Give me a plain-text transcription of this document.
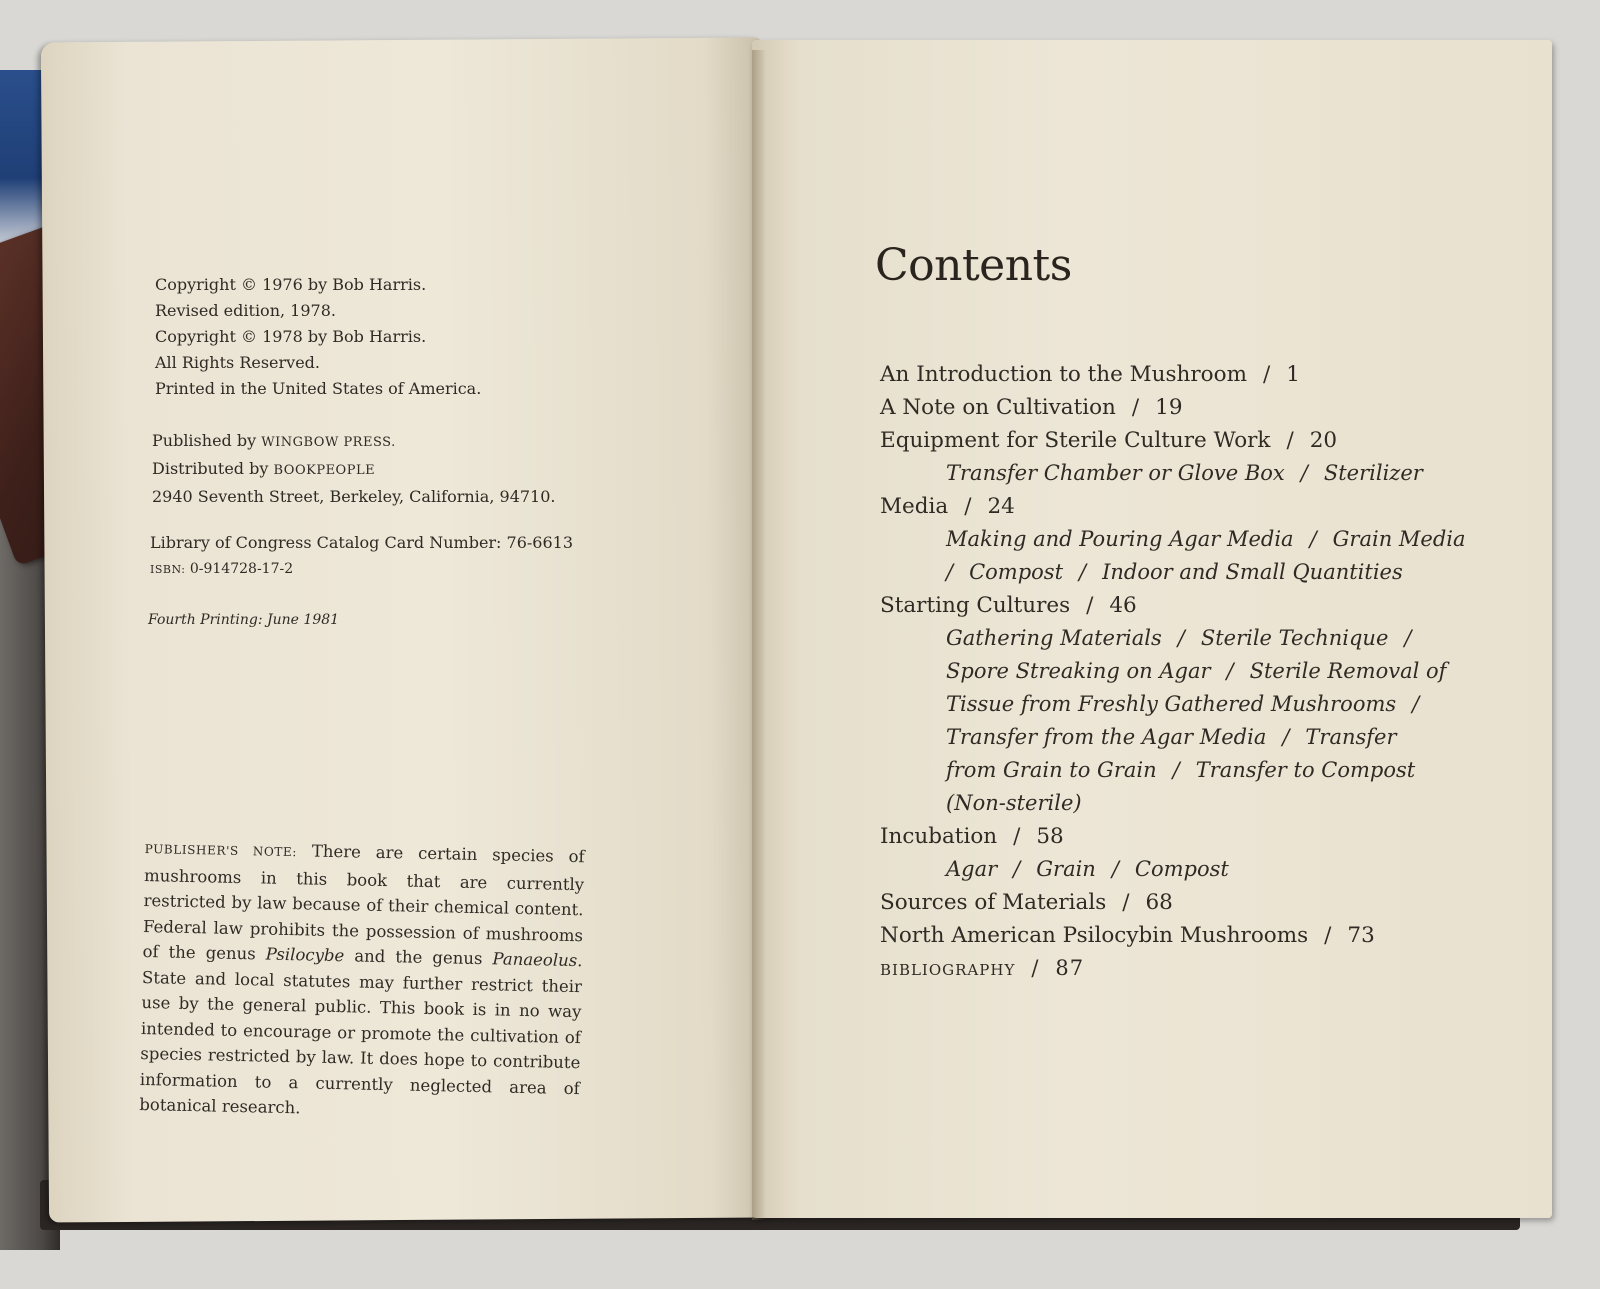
Copyright © 1976 by Bob Harris.
Revised edition, 1978.
Copyright © 1978 by Bob Harris.
All Rights Reserved.
Printed in the United States of America.
Published by WINGBOW PRESS.
Distributed by BOOKPEOPLE
2940 Seventh Street, Berkeley, California, 94710.
Library of Congress Catalog Card Number: 76-6613
ISBN: 0-914728-17-2
Fourth Printing: June 1981
PUBLISHER'S NOTE: There are certain species of mushrooms in this book that are currently restricted by law because of their chemical content. Federal law prohibits the possession of mushrooms of the genus Psilocybe and the genus Panaeolus. State and local statutes may further restrict their use by the general public. This book is in no way intended to encourage or promote the cultivation of species restricted by law. It does hope to contribute information to a currently neglected area of botanical research.
Contents
An Introduction to the Mushroom / 1
A Note on Cultivation / 19
Equipment for Sterile Culture Work / 20
Transfer Chamber or Glove Box / Sterilizer
Media / 24
Making and Pouring Agar Media / Grain Media
/ Compost / Indoor and Small Quantities
Starting Cultures / 46
Gathering Materials / Sterile Technique /
Spore Streaking on Agar / Sterile Removal of
Tissue from Freshly Gathered Mushrooms /
Transfer from the Agar Media / Transfer
from Grain to Grain / Transfer to Compost
(Non-sterile)
Incubation / 58
Agar / Grain / Compost
Sources of Materials / 68
North American Psilocybin Mushrooms / 73
BIBLIOGRAPHY / 87
